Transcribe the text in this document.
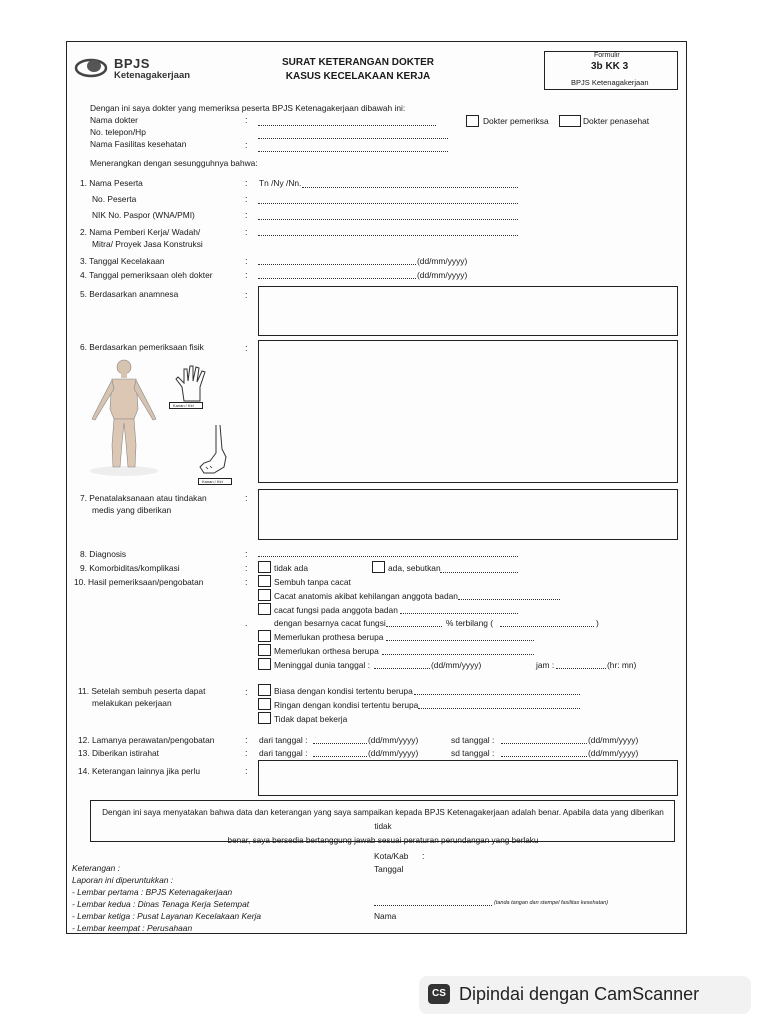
BPJS
Ketenagakerjaan
SURAT KETERANGAN DOKTER
KASUS KECELAKAAN KERJA
Formulir
3b KK 3
BPJS Ketenagakerjaan
Dengan ini saya dokter yang memeriksa peserta BPJS Ketenagakerjaan dibawah ini:
Nama dokter	:	Dokter pemeriksa	Dokter penasehat
No. telepon/Hp
Nama Fasilitas kesehatan	:
Menerangkan dengan sesungguhnya bahwa:
1. Nama Peserta	: Tn /Ny /Nn.
No. Peserta	:
NIK No. Paspor (WNA/PMI)	:
2. Nama Pemberi Kerja/ Wadah/	:
Mitra/ Proyek Jasa Konstruksi
3. Tanggal Kecelakaan	:	(dd/mm/yyyy)
4. Tanggal pemeriksaan oleh dokter	:	(dd/mm/yyyy)
5. Berdasarkan anamnesa	:
6. Berdasarkan pemeriksaan fisik	:
Kanan / Kiri
Kanan / Kiri
7. Penatalaksanaan atau tindakan
medis yang diberikan
:
8. Diagnosis	:
9. Komorbiditas/komplikasi	:	tidak ada	ada, sebutkan
10. Hasil pemeriksaan/pengobatan	:	Sembuh tanpa cacat
Cacat anatomis akibat kehilangan anggota badan
cacat fungsi pada anggota badan
.	dengan besarnya cacat fungsi	% terbilang (	)
Memerlukan prothesa berupa
Memerlukan orthesa berupa
Meninggal dunia tanggal :	(dd/mm/yyyy)	jam :	(hr: mn)
11. Setelah sembuh peserta dapat
melakukan pekerjaan
:	Biasa dengan kondisi tertentu berupa
Ringan dengan kondisi tertentu berupa
Tidak dapat bekerja
12. Lamanya perawatan/pengobatan	: dari tanggal :	(dd/mm/yyyy)	sd tanggal :	(dd/mm/yyyy)
13. Diberikan istirahat	: dari tanggal :	(dd/mm/yyyy)	sd tanggal :	(dd/mm/yyyy)
14. Keterangan lainnya jika perlu	:
Dengan ini saya menyatakan bahwa data dan keterangan yang saya sampaikan kepada BPJS Ketenagakerjaan adalah benar. Apabila data yang diberikan tidak
benar, saya bersedia bertanggung jawab sesuai peraturan perundangan yang berlaku
Kota/Kab :
Tanggal
(tanda tangan dan stempel fasilitas kesehatan)
Nama
Keterangan :
Laporan ini diperuntukkan :
- Lembar pertama : BPJS Ketenagakerjaan
- Lembar kedua : Dinas Tenaga Kerja Setempat
- Lembar ketiga : Pusat Layanan Kecelakaan Kerja
- Lembar keempat : Perusahaan
CS Dipindai dengan CamScanner
